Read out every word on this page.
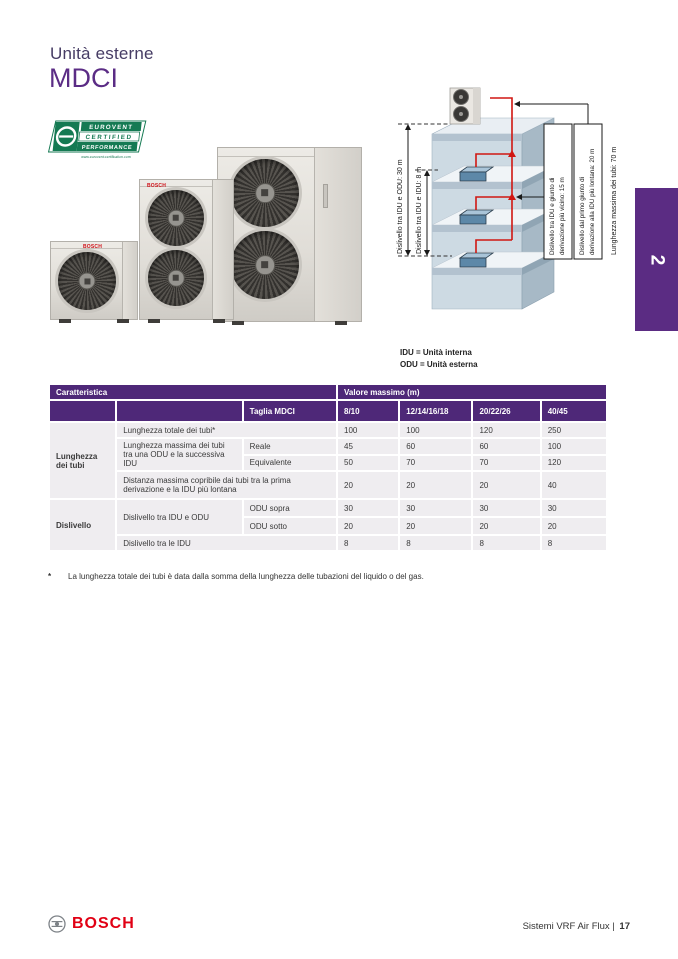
Unità esterne
MDCI
EUROVENT
CERTIFIED
PERFORMANCE
www.eurovent-certification.com
BOSCH
BOSCH	Dislivello tra IDU e ODU: 30 m Dislivello tra IDU e IDU: 8 m	Dislivello tra IDU e giunto di derivazione più vicino: 15 m Dislivello dal primo giunto di derivazione alla IDU più lontana: 20 m Lunghezza massima dei tubi: 70 m
IDU = Unità interna
ODU = Unità esterna
2
Caratteristica			Valore massimo (m)			
		Taglia MDCI	8/10	12/14/16/18	20/22/26	40/45
Lunghezza dei tubi	Lunghezza totale dei tubi*		100	100	120	250
	Lunghezza massima dei tubi tra una ODU e la successiva IDU	Reale	45	60	60	100
		Equivalente	50	70	70	120
	Distanza massima copribile dai tubi tra la prima derivazione e la IDU più lontana		20	20	20	40
Dislivello	Dislivello tra IDU e ODU	ODU sopra	30	30	30	30
		ODU sotto	20	20	20	20
	Dislivello tra le IDU		8	8	8	8
*	La lunghezza totale dei tubi è data dalla somma della lunghezza delle tubazioni del liquido o del gas.
BOSCH	Sistemi VRF Air Flux | 17
